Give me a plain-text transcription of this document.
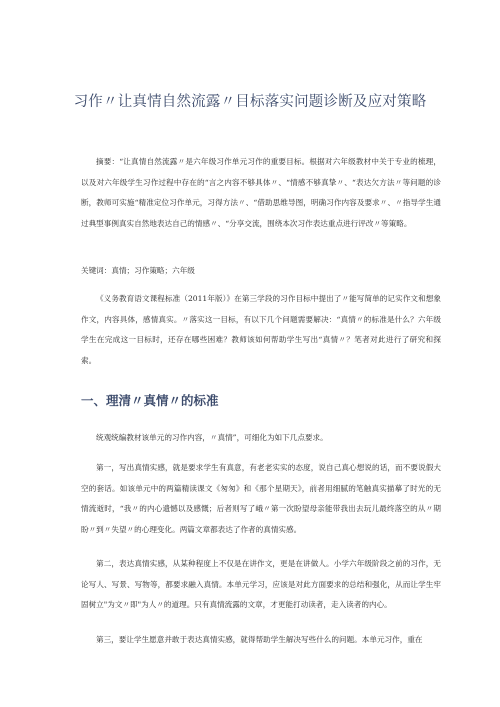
习作〃让真情自然流露〃目标落实问题诊断及应对策略

摘要：“让真情自然流露〃是六年级习作单元习作的重要目标。根据对六年级教材中关于专业的梳理，以及对六年级学生习作过程中存在的“言之内容不够具体〃、“情感不够真挚〃、“表达欠方法〃等问题的诊断，教师可实施“精准定位习作单元，习得方法〃、“借助思维导图，明确习作内容及要求〃、〃指导学生通过典型事例真实自然地表达自己的情感〃、“分享交流，围绕本次习作表达重点进行评改〃等策略。

关键词：真情；习作策略；六年级

《义务教育语文课程标准（2011年版）》在第三学段的习作目标中提出了〃能写简单的记实作文和想象作文，内容具体，感情真实。〃落实这一目标，有以下几个问题需要解决：“真情〃的标准是什么？六年级学生在完成这一目标时，还存在哪些困难？教师该如何帮助学生写出“真情〃？笔者对此进行了研究和探索。

一、理清〃真情〃的标准

统观统编教材该单元的习作内容，〃真情”，可细化为如下几点要求。

第一，写出真情实感，就是要求学生有真意，有老老实实的态度，说自己真心想说的话，而不要说假大空的套话。如该单元中的两篇精读课文《匆匆》和《那个星期天》，前者用细腻的笔触真实描摹了时光的无情流逝时，“我〃的内心遗憾以及感慨；后者则写了峨〃第一次盼望母亲能带我出去玩儿最终落空的从〃期盼〃到〃失望〃的心理变化。两篇文章都表达了作者的真情实感。

第二，表达真情实感，从某种程度上不仅是在讲作文，更是在讲做人。小学六年级阶段之前的习作，无论写人、写景、写物等，都要求融入真情。本单元学习，应该是对此方面要求的总结和强化，从而让学生牢固树立"为文〃即"为人〃的道理。只有真情流露的文章，才更能打动读者，走入读者的内心。

第三，要让学生愿意并敢于表达真情实感，就得帮助学生解决写些什么的问题。本单元习作，重在
